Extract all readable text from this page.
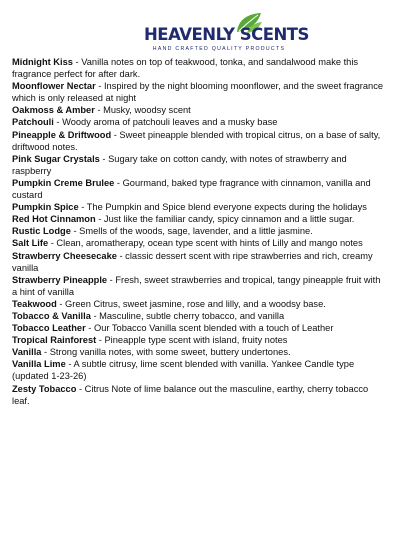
HEAVENLY SCENTS
HAND CRAFTED QUALITY PRODUCTS

Midnight Kiss - Vanilla notes on top of teakwood, tonka, and sandalwood make this fragrance perfect for after dark.

Moonflower Nectar - Inspired by the night blooming moonflower, and the sweet fragrance which is only released at night

Oakmoss & Amber - Musky, woodsy scent

Patchouli - Woody aroma of patchouli leaves and a musky base

Pineapple & Driftwood - Sweet pineapple blended with tropical citrus, on a base of salty, driftwood notes.

Pink Sugar Crystals - Sugary take on cotton candy, with notes of strawberry and raspberry

Pumpkin Creme Brulee - Gourmand, baked type fragrance with cinnamon, vanilla and custard

Pumpkin Spice - The Pumpkin and Spice blend everyone expects during the holidays

Red Hot Cinnamon - Just like the familiar candy, spicy cinnamon and a little sugar.

Rustic Lodge - Smells of the woods, sage, lavender, and a little jasmine.

Salt Life - Clean, aromatherapy, ocean type scent with hints of Lilly and mango notes

Strawberry Cheesecake - classic dessert scent with ripe strawberries and rich, creamy vanilla

Strawberry Pineapple - Fresh, sweet strawberries and tropical, tangy pineapple fruit with a hint of vanilla

Teakwood - Green Citrus, sweet jasmine, rose and lilly, and a woodsy base.

Tobacco & Vanilla - Masculine, subtle cherry tobacco, and vanilla

Tobacco Leather - Our Tobacco Vanilla scent blended with a touch of Leather

Tropical Rainforest - Pineapple type scent with island, fruity notes

Vanilla - Strong vanilla notes, with some sweet, buttery undertones.

Vanilla Lime - A subtle citrusy, lime scent blended with vanilla. Yankee Candle type (updated 1-23-26)

Zesty Tobacco - Citrus Note of lime balance out the masculine, earthy, cherry tobacco leaf.
